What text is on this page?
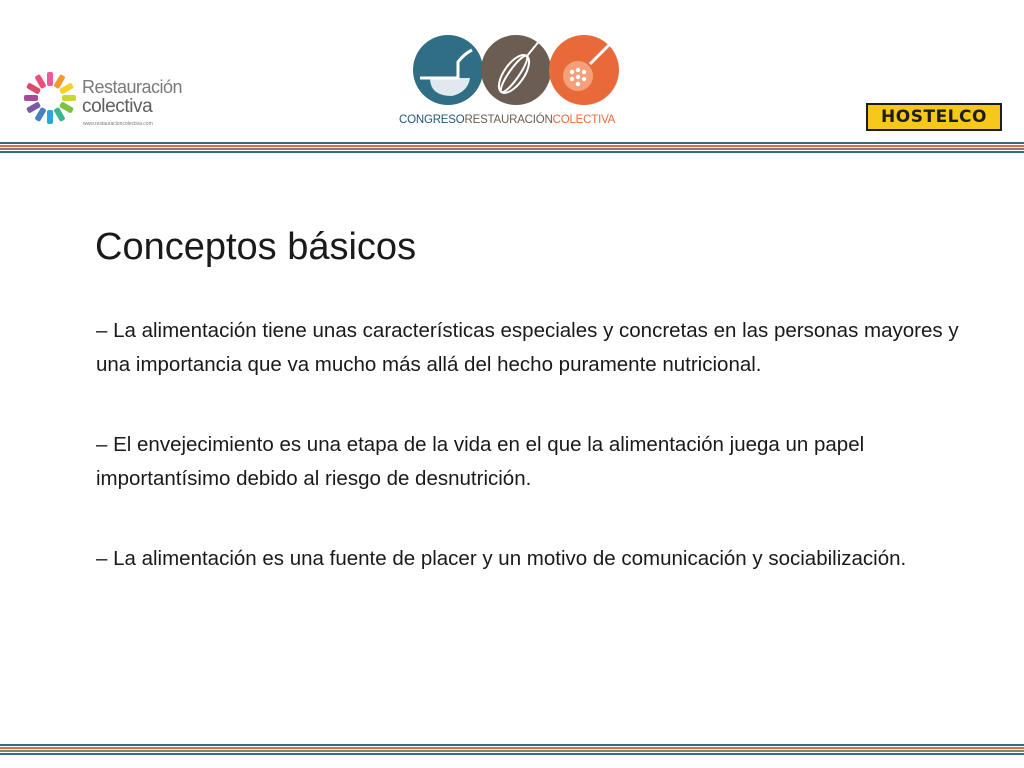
Restauración
colectiva
www.restauracioncolectiva.com	CONGRESORESTAURACIÓNCOLECTIVA	HOSTELCO
Conceptos básicos

– La alimentación tiene unas características especiales y concretas en las personas mayores y una importancia que va mucho más allá del hecho puramente nutricional.

– El envejecimiento es una etapa de la vida en el que la alimentación juega un papel importantísimo debido al riesgo de desnutrición.

– La alimentación es una fuente de placer y un motivo de comunicación y sociabilización.
